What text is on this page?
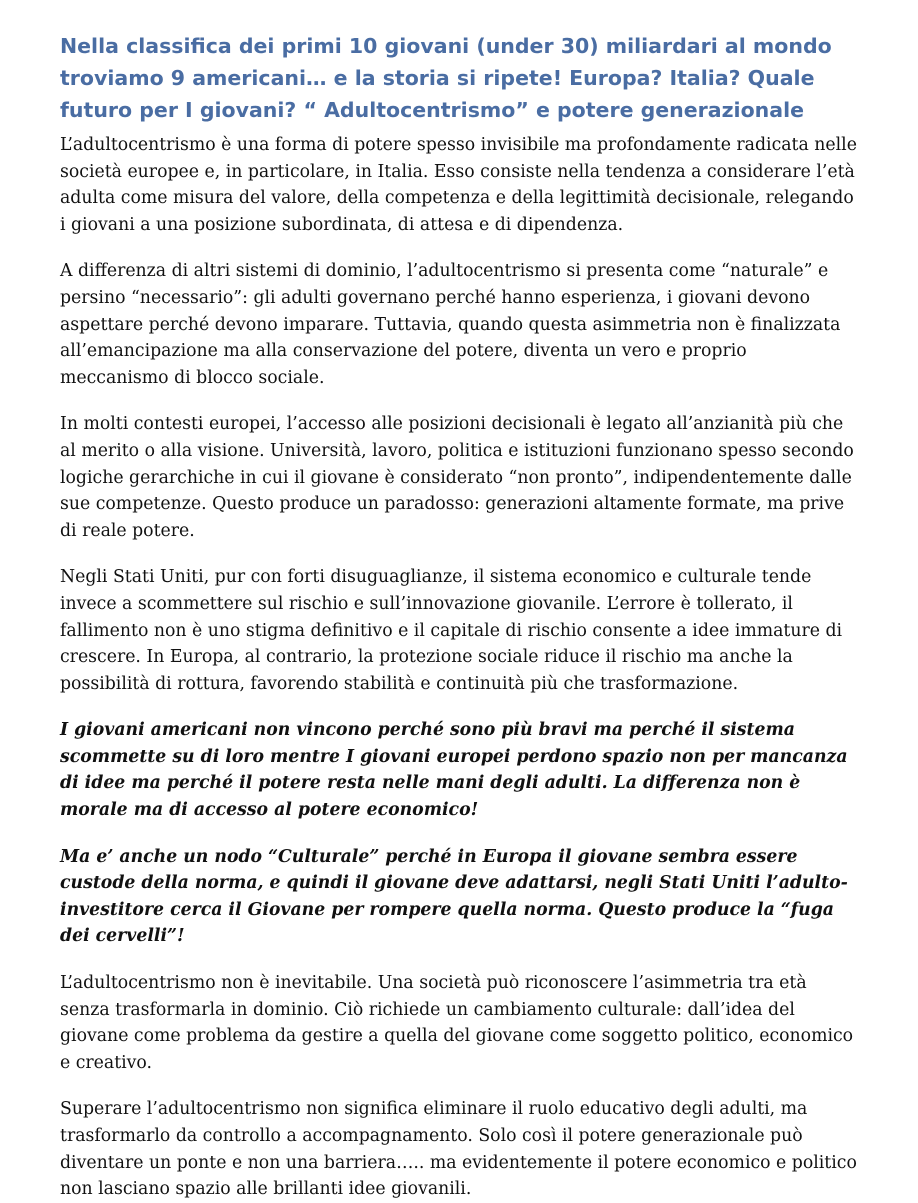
Nella classifica dei primi 10 giovani (under 30) miliardari al mondo troviamo 9 americani… e la storia si ripete! Europa? Italia? Quale futuro per I giovani? “ Adultocentrismo” e potere generazionale

L’adultocentrismo è una forma di potere spesso invisibile ma profondamente radicata nelle società europee e, in particolare, in Italia. Esso consiste nella tendenza a considerare l’età adulta come misura del valore, della competenza e della legittimità decisionale, relegando i giovani a una posizione subordinata, di attesa e di dipendenza.

A differenza di altri sistemi di dominio, l’adultocentrismo si presenta come “naturale” e persino “necessario”: gli adulti governano perché hanno esperienza, i giovani devono aspettare perché devono imparare. Tuttavia, quando questa asimmetria non è finalizzata all’emancipazione ma alla conservazione del potere, diventa un vero e proprio meccanismo di blocco sociale.

In molti contesti europei, l’accesso alle posizioni decisionali è legato all’anzianità più che al merito o alla visione. Università, lavoro, politica e istituzioni funzionano spesso secondo logiche gerarchiche in cui il giovane è considerato “non pronto”, indipendentemente dalle sue competenze. Questo produce un paradosso: generazioni altamente formate, ma prive di reale potere.

Negli Stati Uniti, pur con forti disuguaglianze, il sistema economico e culturale tende invece a scommettere sul rischio e sull’innovazione giovanile. L’errore è tollerato, il fallimento non è uno stigma definitivo e il capitale di rischio consente a idee immature di crescere. In Europa, al contrario, la protezione sociale riduce il rischio ma anche la possibilità di rottura, favorendo stabilità e continuità più che trasformazione.

I giovani americani non vincono perché sono più bravi ma perché il sistema scommette su di loro mentre I giovani europei perdono spazio non per mancanza di idee ma perché il potere resta nelle mani degli adulti. La differenza non è morale ma di accesso al potere economico!

Ma e’ anche un nodo “Culturale” perché in Europa il giovane sembra essere custode della norma, e quindi il giovane deve adattarsi, negli Stati Uniti l’adulto-investitore cerca il Giovane per rompere quella norma. Questo produce la “fuga dei cervelli”!

L’adultocentrismo non è inevitabile. Una società può riconoscere l’asimmetria tra età senza trasformarla in dominio. Ciò richiede un cambiamento culturale: dall’idea del giovane come problema da gestire a quella del giovane come soggetto politico, economico e creativo.

Superare l’adultocentrismo non significa eliminare il ruolo educativo degli adulti, ma trasformarlo da controllo a accompagnamento. Solo così il potere generazionale può diventare un ponte e non una barriera….. ma evidentemente il potere economico e politico non lasciano spazio alle brillanti idee giovanili.
